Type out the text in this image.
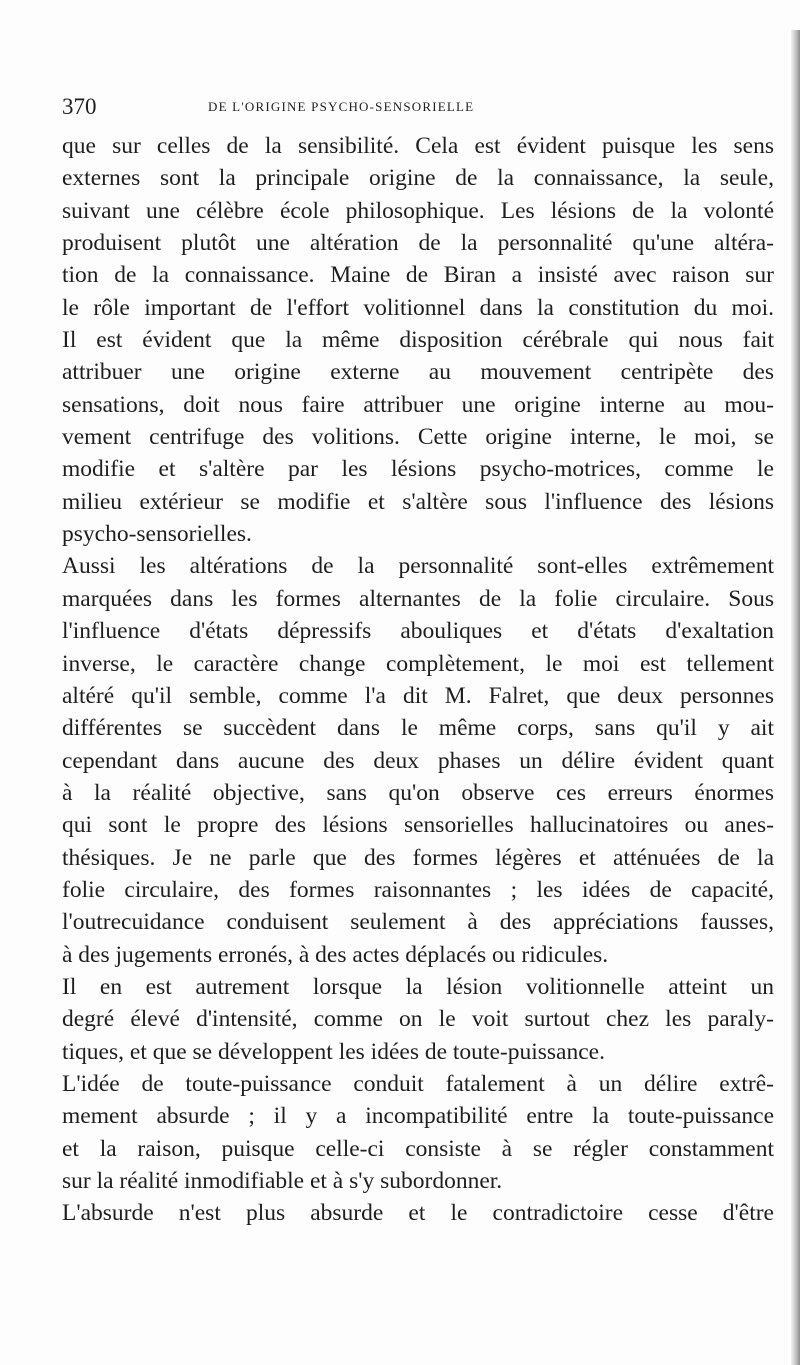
370	DE L'ORIGINE PSYCHO-SENSORIELLE
que sur celles de la sensibilité. Cela est évident puisque les sens
externes sont la principale origine de la connaissance, la seule,
suivant une célèbre école philosophique. Les lésions de la volonté
produisent plutôt une altération de la personnalité qu'une altéra-
tion de la connaissance. Maine de Biran a insisté avec raison sur
le rôle important de l'effort volitionnel dans la constitution du moi.
Il est évident que la même disposition cérébrale qui nous fait
attribuer une origine externe au mouvement centripète des
sensations, doit nous faire attribuer une origine interne au mou-
vement centrifuge des volitions. Cette origine interne, le moi, se
modifie et s'altère par les lésions psycho-motrices, comme le
milieu extérieur se modifie et s'altère sous l'influence des lésions
psycho-sensorielles.
Aussi les altérations de la personnalité sont-elles extrêmement
marquées dans les formes alternantes de la folie circulaire. Sous
l'influence d'états dépressifs abouliques et d'états d'exaltation
inverse, le caractère change complètement, le moi est tellement
altéré qu'il semble, comme l'a dit M. Falret, que deux personnes
différentes se succèdent dans le même corps, sans qu'il y ait
cependant dans aucune des deux phases un délire évident quant
à la réalité objective, sans qu'on observe ces erreurs énormes
qui sont le propre des lésions sensorielles hallucinatoires ou anes-
thésiques. Je ne parle que des formes légères et atténuées de la
folie circulaire, des formes raisonnantes ; les idées de capacité,
l'outrecuidance conduisent seulement à des appréciations fausses,
à des jugements erronés, à des actes déplacés ou ridicules.
Il en est autrement lorsque la lésion volitionnelle atteint un
degré élevé d'intensité, comme on le voit surtout chez les paraly-
tiques, et que se développent les idées de toute-puissance.
L'idée de toute-puissance conduit fatalement à un délire extrê-
mement absurde ; il y a incompatibilité entre la toute-puissance
et la raison, puisque celle-ci consiste à se régler constamment
sur la réalité inmodifiable et à s'y subordonner.
L'absurde n'est plus absurde et le contradictoire cesse d'être
